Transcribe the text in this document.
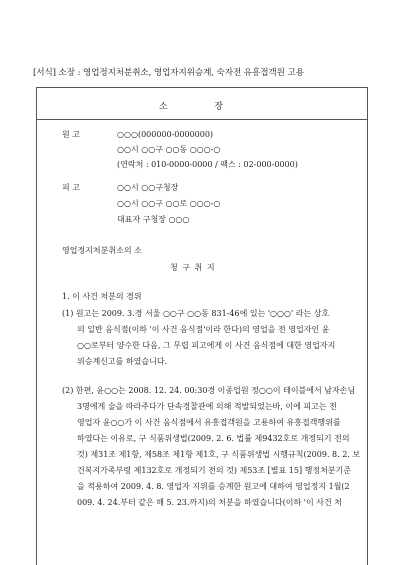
[서식] 소장 : 영업정지처분취소, 영업자지위승계, 숙자전 유흥접객원 고용
소 장
원 고	○○○(000000-0000000)
○○시 ○○구 ○○동 ○○○-○
(연락처 : 010-0000-0000 / 팩스 : 02-000-0000)
피 고	○○시 ○○구청장
○○시 ○○구 ○○로 ○○○-○
대표자 구청장 ○○○
영업정지처분취소의 소
청 구 취 지
1. 이 사건 처분의 경위
(1) 원고는 2009. 3.경 서울 ○○구 ○○동 831-46에 있는 '○○○' 라는 상호
의 일반 음식점(이하 '이 사건 음식점'이라 한다)의 영업을 전 영업자인 윤
○○로부터 양수한 다음, 그 무렵 피고에게 이 사건 음식점에 대한 영업자지
위승계신고를 하였습니다.
(2) 한편, 윤○○는 2008. 12. 24. 00:30경 이종업원 정○○이 테이블에서 남자손님
3명에게 술을 따라주다가 단속경찰관에 의해 적발되었는바, 이에 피고는 전
영업자 윤○○가 이 사건 음식점에서 유흥접객원을 고용하여 유흥접객행위를
하였다는 이유로, 구 식품위생법(2009. 2. 6. 법률 제9432호로 개정되기 전의
것) 제31조 제1항, 제58조 제1항 제1호, 구 식품위생법 시행규칙(2009. 8. 2. 보
건복지가족부령 제132호로 개정되기 전의 것) 제53조 [별표 15] 행정처분기준
을 적용하여 2009. 4. 8. 영업자 지위를 승계한 원고에 대하여 영업정지 1월(2
009. 4. 24.부터 같은 해 5. 23.까지)의 처분을 하였습니다(이하 '이 사건 처
